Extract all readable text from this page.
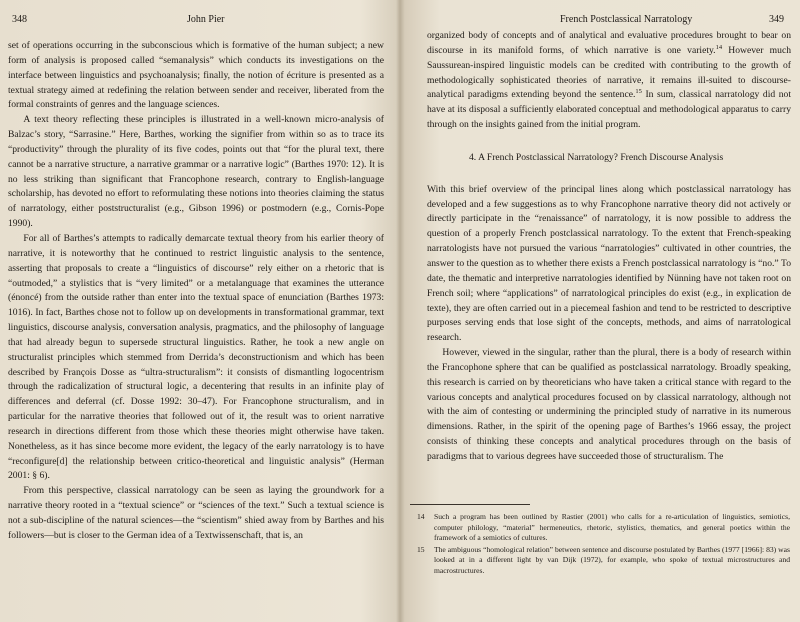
348	John Pier

set of operations occurring in the subconscious which is formative of the human subject; a new form of analysis is proposed called “semanalysis” which conducts its investigations on the interface between linguistics and psychoanalysis; finally, the notion of écriture is presented as a textual strategy aimed at redefining the relation between sender and receiver, liberated from the formal constraints of genres and the language sciences.

A text theory reflecting these principles is illustrated in a well-known micro-analysis of Balzac’s story, “Sarrasine.” Here, Barthes, working the signifier from within so as to trace its “productivity” through the plurality of its five codes, points out that “for the plural text, there cannot be a narrative structure, a narrative grammar or a narrative logic” (Barthes 1970: 12). It is no less striking than significant that Francophone research, contrary to English-language scholarship, has devoted no effort to reformulating these notions into theories claiming the status of narratology, either poststructuralist (e.g., Gibson 1996) or postmodern (e.g., Cornis-Pope 1990).

For all of Barthes’s attempts to radically demarcate textual theory from his earlier theory of narrative, it is noteworthy that he continued to restrict linguistic analysis to the sentence, asserting that proposals to create a “linguistics of discourse” rely either on a rhetoric that is “outmoded,” a stylistics that is “very limited” or a metalanguage that examines the utterance (énoncé) from the outside rather than enter into the textual space of enunciation (Barthes 1973: 1016). In fact, Barthes chose not to follow up on developments in transformational grammar, text linguistics, discourse analysis, conversation analysis, pragmatics, and the philosophy of language that had already begun to supersede structural linguistics. Rather, he took a new angle on structuralist principles which stemmed from Derrida’s deconstructionism and which has been described by François Dosse as “ultra-structuralism”: it consists of dismantling logocentrism through the radicalization of structural logic, a decentering that results in an infinite play of differences and deferral (cf. Dosse 1992: 30–47). For Francophone structuralism, and in particular for the narrative theories that followed out of it, the result was to orient narrative research in directions different from those which these theories might otherwise have taken. Nonetheless, as it has since become more evident, the legacy of the early narratology is to have “reconfigure[d] the relationship between critico-theoretical and linguistic analysis” (Herman 2001: § 6).

From this perspective, classical narratology can be seen as laying the groundwork for a narrative theory rooted in a “textual science” or “sciences of the text.” Such a textual science is not a sub-discipline of the natural sciences—the “scientism” shied away from by Barthes and his followers—but is closer to the German idea of a Textwissenschaft, that is, an

French Postclassical Narratology	349

organized body of concepts and of analytical and evaluative procedures brought to bear on discourse in its manifold forms, of which narrative is one variety.$^{14}$ However much Saussurean-inspired linguistic models can be credited with contributing to the growth of methodologically sophisticated theories of narrative, it remains ill-suited to discourse-analytical paradigms extending beyond the sentence.$^{15}$ In sum, classical narratology did not have at its disposal a sufficiently elaborated conceptual and methodological apparatus to carry through on the insights gained from the initial program.

4. A French Postclassical Narratology? French Discourse Analysis

With this brief overview of the principal lines along which postclassical narratology has developed and a few suggestions as to why Francophone narrative theory did not actively or directly participate in the “renaissance” of narratology, it is now possible to address the question of a properly French postclassical narratology. To the extent that French-speaking narratologists have not pursued the various “narratologies” cultivated in other countries, the answer to the question as to whether there exists a French postclassical narratology is “no.” To date, the thematic and interpretive narratologies identified by Nünning have not taken root on French soil; where “applications” of narratological principles do exist (e.g., in explication de texte), they are often carried out in a piecemeal fashion and tend to be restricted to descriptive purposes serving ends that lose sight of the concepts, methods, and aims of narratological research.

However, viewed in the singular, rather than the plural, there is a body of research within the Francophone sphere that can be qualified as postclassical narratology. Broadly speaking, this research is carried on by theoreticians who have taken a critical stance with regard to the various concepts and analytical procedures focused on by classical narratology, although not with the aim of contesting or undermining the principled study of narrative in its numerous dimensions. Rather, in the spirit of the opening page of Barthes’s 1966 essay, the project consists of thinking these concepts and analytical procedures through on the basis of paradigms that to various degrees have succeeded those of structuralism. The

14 Such a program has been outlined by Rastier (2001) who calls for a re-articulation of linguistics, semiotics, computer philology, “material” hermeneutics, rhetoric, stylistics, thematics, and general poetics within the framework of a semiotics of cultures.
15 The ambiguous “homological relation” between sentence and discourse postulated by Barthes (1977 [1966]: 83) was looked at in a different light by van Dijk (1972), for example, who spoke of textual microstructures and macrostructures.
